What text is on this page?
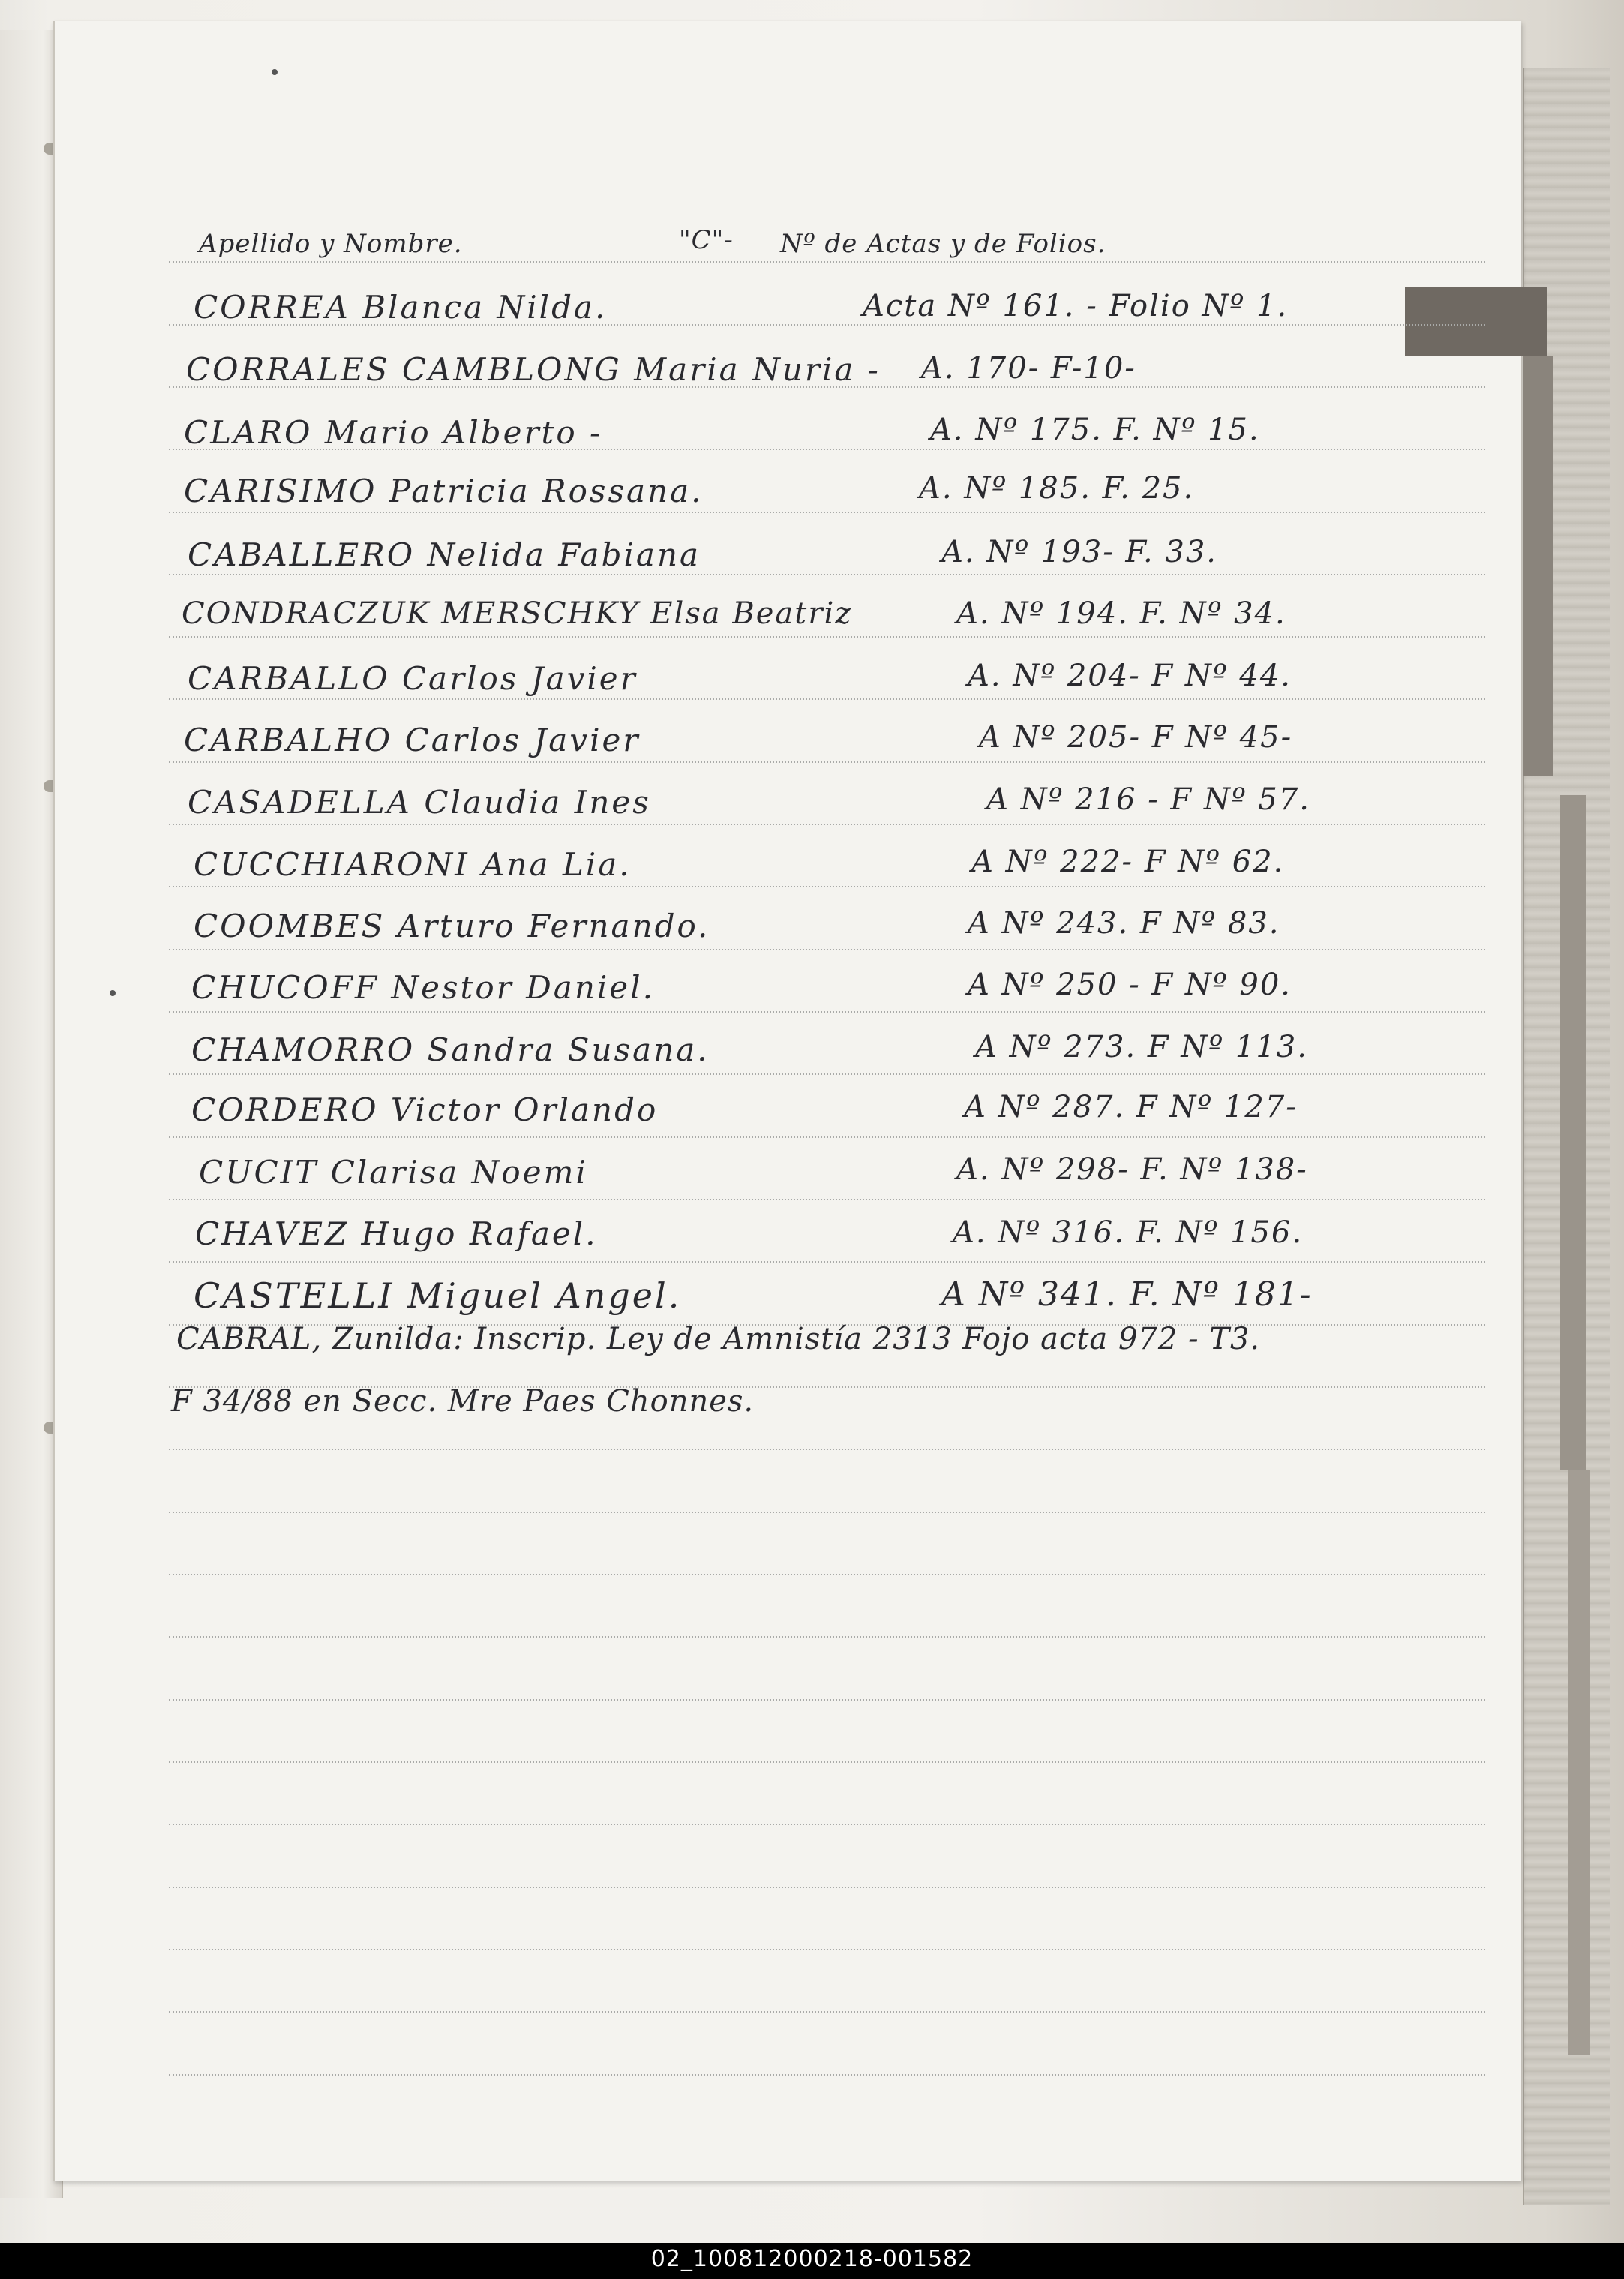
Apellido y Nombre.	"C"- Nº de Actas y de Folios.
CORREA Blanca Nilda.	Acta Nº 161. - Folio Nº 1.
CORRALES CAMBLONG Maria Nuria - A. 170- F-10-
CLARO Mario Alberto -	A. Nº 175. F. Nº 15.
CARISIMO Patricia Rossana.	A. Nº 185. F. 25.
CABALLERO Nelida Fabiana	A. Nº 193- F. 33.
CONDRACZUK MERSCHKY Elsa Beatriz	A. Nº 194. F. Nº 34.
CARBALLO Carlos Javier	A. Nº 204- F Nº 44.
CARBALHO Carlos Javier	A Nº 205- F Nº 45-
CASADELLA Claudia Ines	A Nº 216 - F Nº 57.
CUCCHIARONI Ana Lia.	A Nº 222- F Nº 62.
COOMBES Arturo Fernando.	A Nº 243. F Nº 83.
CHUCOFF Nestor Daniel.	A Nº 250 - F Nº 90.
CHAMORRO Sandra Susana.	A Nº 273. F Nº 113.
CORDERO Victor Orlando	A Nº 287. F Nº 127-
CUCIT Clarisa Noemi	A. Nº 298- F. Nº 138-
CHAVEZ Hugo Rafael.	A. Nº 316. F. Nº 156.
CASTELLI Miguel Angel.	A Nº 341. F. Nº 181-
CABRAL, Zunilda: Inscrip. Ley de Amnistía 2313 Fojo acta 972 - T3.
F 34/88 en Secc. Mre Paes Chonnes.
02_100812000218-001582
